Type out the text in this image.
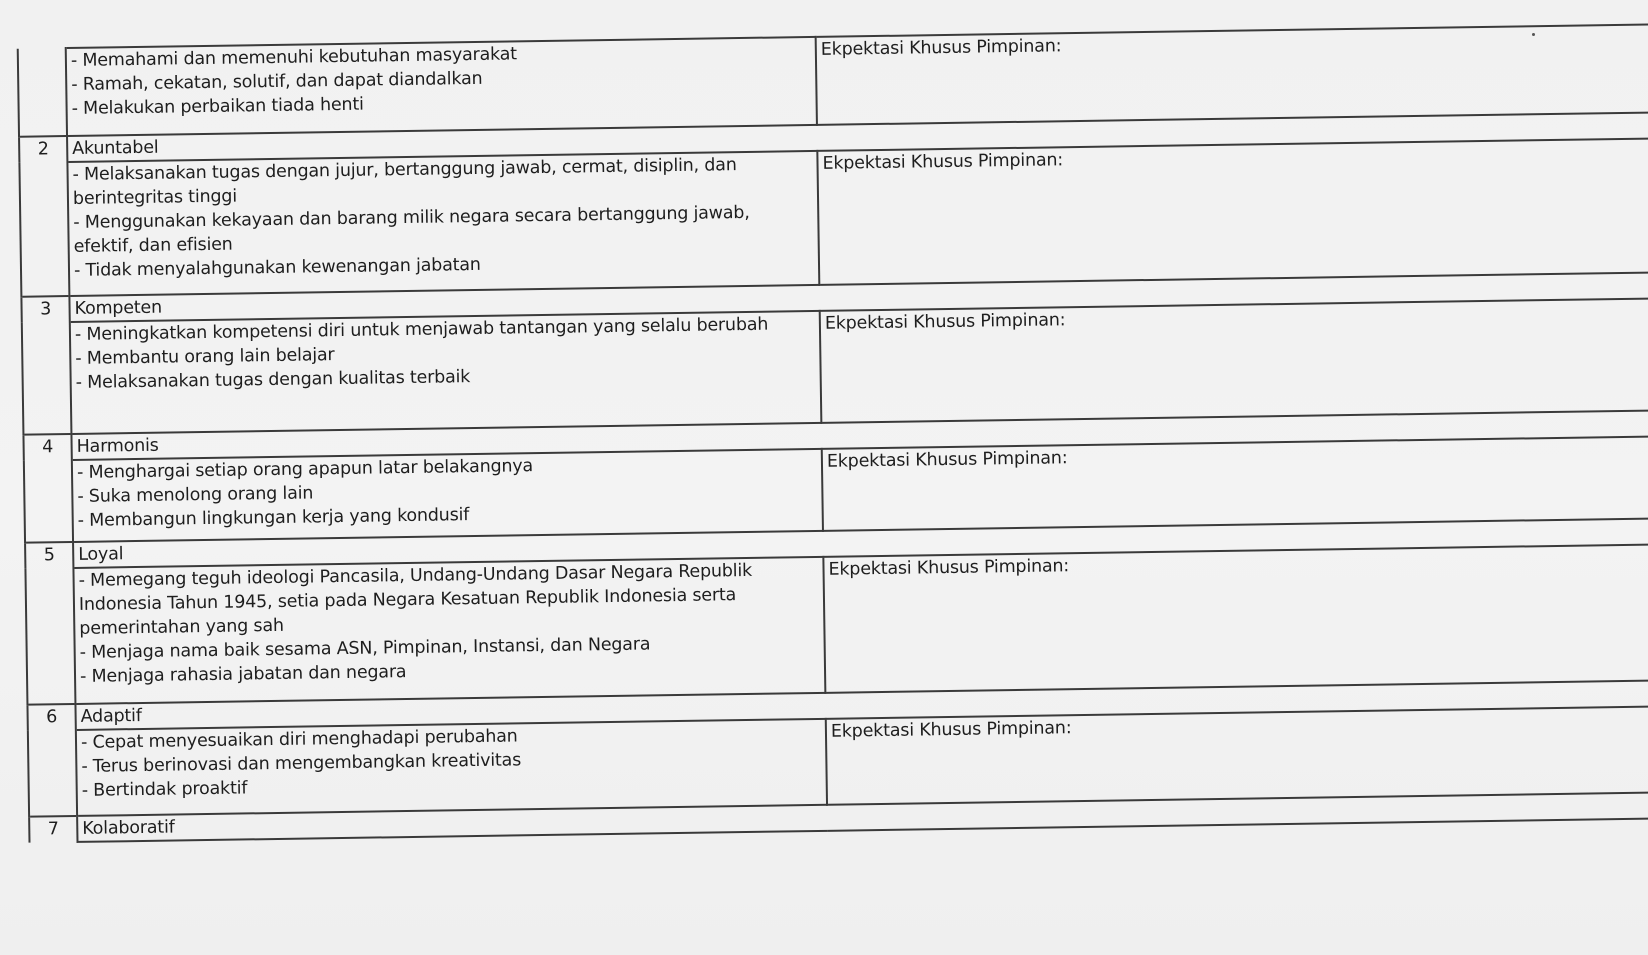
	- Memahami dan memenuhi kebutuhan masyarakat
- Ramah, cekatan, solutif, dan dapat diandalkan
- Melakukan perbaikan tiada henti	Ekpektasi Khusus Pimpinan:
2	Akuntabel	

	- Melaksanakan tugas dengan jujur, bertanggung jawab, cermat, disiplin, dan berintegritas tinggi
- Menggunakan kekayaan dan barang milik negara secara bertanggung jawab, efektif, dan efisien
- Tidak menyalahgunakan kewenangan jabatan	Ekpektasi Khusus Pimpinan:
3	Kompeten	

	- Meningkatkan kompetensi diri untuk menjawab tantangan yang selalu berubah
- Membantu orang lain belajar
- Melaksanakan tugas dengan kualitas terbaik	Ekpektasi Khusus Pimpinan:
4	Harmonis	

	- Menghargai setiap orang apapun latar belakangnya
- Suka menolong orang lain
- Membangun lingkungan kerja yang kondusif	Ekpektasi Khusus Pimpinan:
5	Loyal	

	- Memegang teguh ideologi Pancasila, Undang-Undang Dasar Negara Republik Indonesia Tahun 1945, setia pada Negara Kesatuan Republik Indonesia serta pemerintahan yang sah
- Menjaga nama baik sesama ASN, Pimpinan, Instansi, dan Negara
- Menjaga rahasia jabatan dan negara	Ekpektasi Khusus Pimpinan:
6	Adaptif	

	- Cepat menyesuaikan diri menghadapi perubahan
- Terus berinovasi dan mengembangkan kreativitas
- Bertindak proaktif	Ekpektasi Khusus Pimpinan:
7	Kolaboratif	
